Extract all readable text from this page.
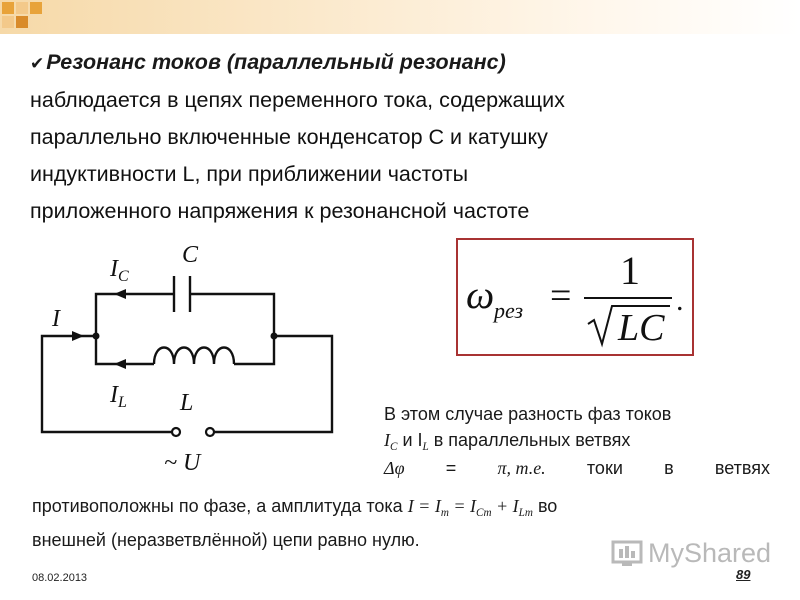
✔Резонанс токов (параллельный резонанс)
наблюдается в цепях переменного тока, содержащих
параллельно включенные конденсатор С и катушку
индуктивности L, при приближении частоты
приложенного напряжения к резонансной частоте
C
$I_C$
I
$I_L$ L
~ U
ω рез =
1
LC
.
В этом случае разность фаз токов
$I_C$ и $I_L$ в параллельных ветвях
Δφ = π, т.е. токи в ветвях
противоположны по фазе, а амплитуда тока $I = I_m = I_{Cm} + I_{Lm}$ во
внешней (неразветвлённой) цепи равно нулю.	MyShared
08.02.2013	89
